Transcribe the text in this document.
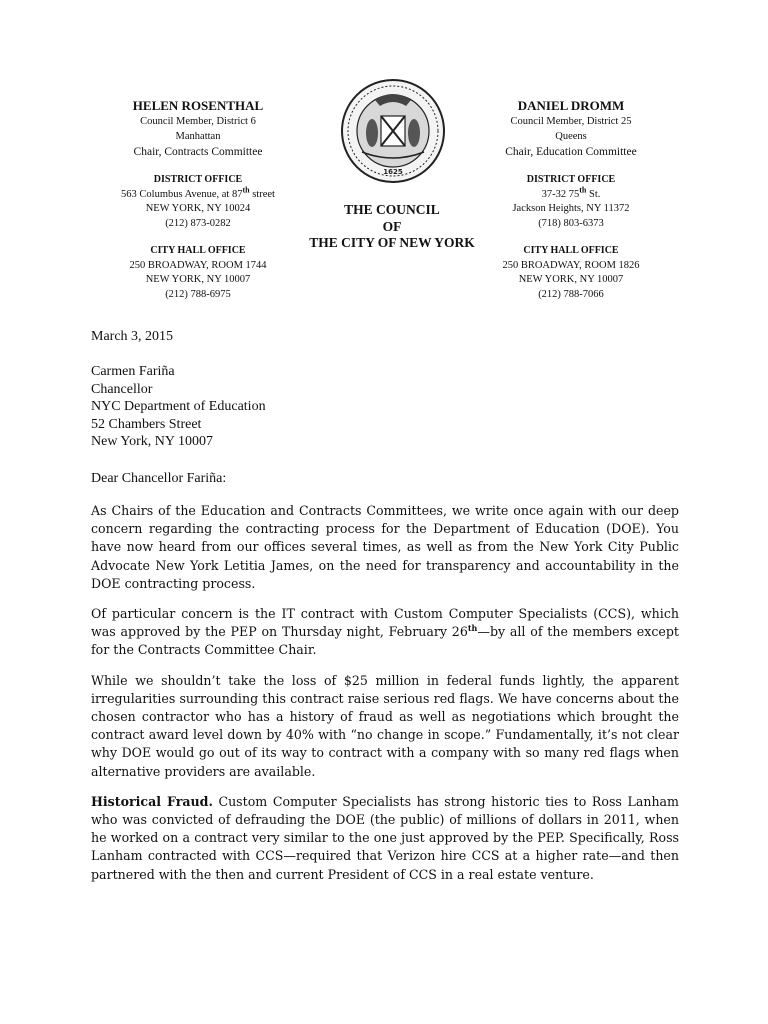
HELEN ROSENTHAL
Council Member, District 6
Manhattan
Chair, Contracts Committee
DISTRICT OFFICE
563 Columbus Avenue, at 87th street
NEW YORK, NY 10024
(212) 873-0282
CITY HALL OFFICE
250 BROADWAY, ROOM 1744
NEW YORK, NY 10007
(212) 788-6975
1625
THE COUNCIL
OF
THE CITY OF NEW YORK
DANIEL DROMM
Council Member, District 25
Queens
Chair, Education Committee
DISTRICT OFFICE
37-32 75th St.
Jackson Heights, NY 11372
(718) 803-6373
CITY HALL OFFICE
250 BROADWAY, ROOM 1826
NEW YORK, NY 10007
(212) 788-7066
March 3, 2015
Carmen Fariña
Chancellor
NYC Department of Education
52 Chambers Street
New York, NY 10007
Dear Chancellor Fariña:

As Chairs of the Education and Contracts Committees, we write once again with our deep concern regarding the contracting process for the Department of Education (DOE). You have now heard from our offices several times, as well as from the New York City Public Advocate New York Letitia James, on the need for transparency and accountability in the DOE contracting process.

Of particular concern is the IT contract with Custom Computer Specialists (CCS), which was approved by the PEP on Thursday night, February 26th—by all of the members except for the Contracts Committee Chair.

While we shouldn’t take the loss of $25 million in federal funds lightly, the apparent irregularities surrounding this contract raise serious red flags. We have concerns about the chosen contractor who has a history of fraud as well as negotiations which brought the contract award level down by 40% with “no change in scope.” Fundamentally, it’s not clear why DOE would go out of its way to contract with a company with so many red flags when alternative providers are available.

Historical Fraud. Custom Computer Specialists has strong historic ties to Ross Lanham who was convicted of defrauding the DOE (the public) of millions of dollars in 2011, when he worked on a contract very similar to the one just approved by the PEP. Specifically, Ross Lanham contracted with CCS—required that Verizon hire CCS at a higher rate—and then partnered with the then and current President of CCS in a real estate venture.
